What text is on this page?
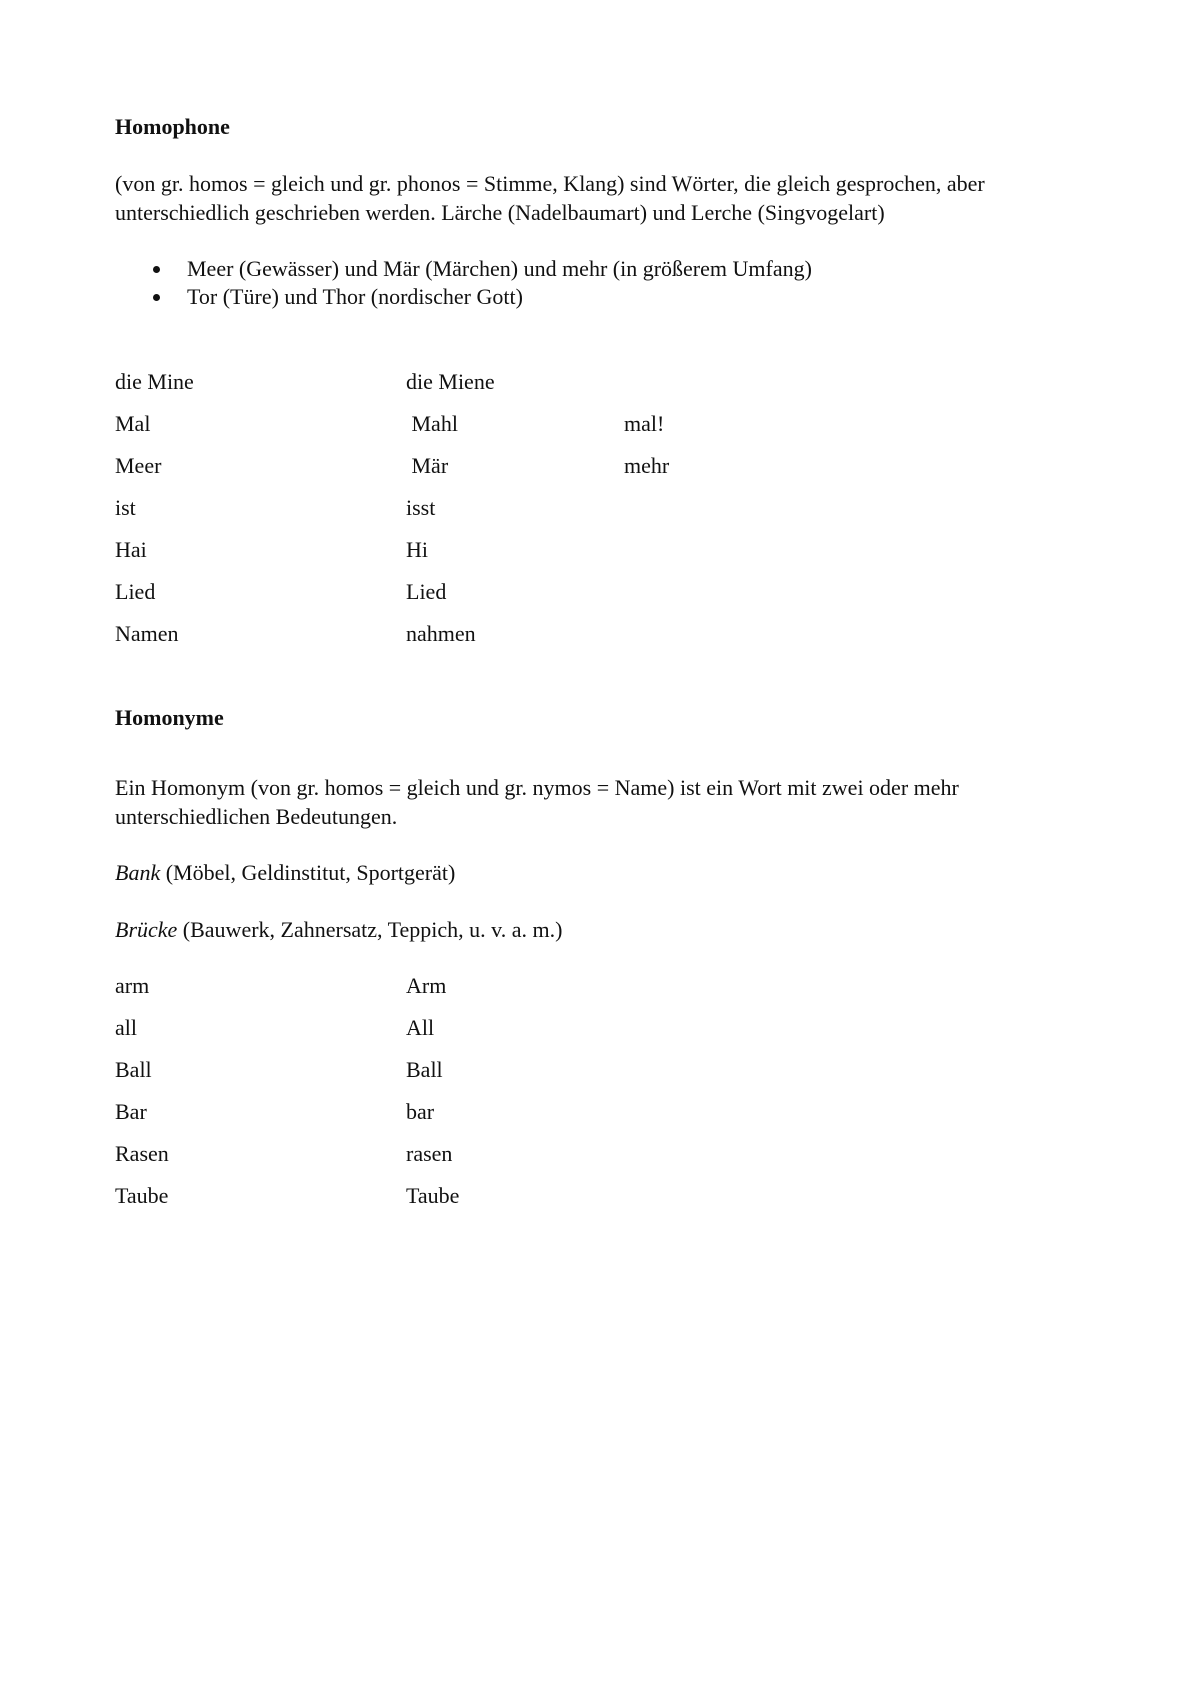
Homophone
(von gr. homos = gleich und gr. phonos = Stimme, Klang) sind Wörter, die gleich gesprochen, aber
unterschiedlich geschrieben werden. Lärche (Nadelbaumart) und Lerche (Singvogelart)
Meer (Gewässer) und Mär (Märchen) und mehr (in größerem Umfang)
Tor (Türe) und Thor (nordischer Gott)
die Mine	die Miene
Mal	Mahl	mal!
Meer	Mär	mehr
ist	isst
Hai	Hi
Lied	Lied
Namen	nahmen
Homonyme
Ein Homonym (von gr. homos = gleich und gr. nymos = Name) ist ein Wort mit zwei oder mehr
unterschiedlichen Bedeutungen.

Bank (Möbel, Geldinstitut, Sportgerät)

Brücke (Bauwerk, Zahnersatz, Teppich, u. v. a. m.)

arm	Arm
all	All
Ball	Ball
Bar	bar
Rasen	rasen
Taube	Taube
